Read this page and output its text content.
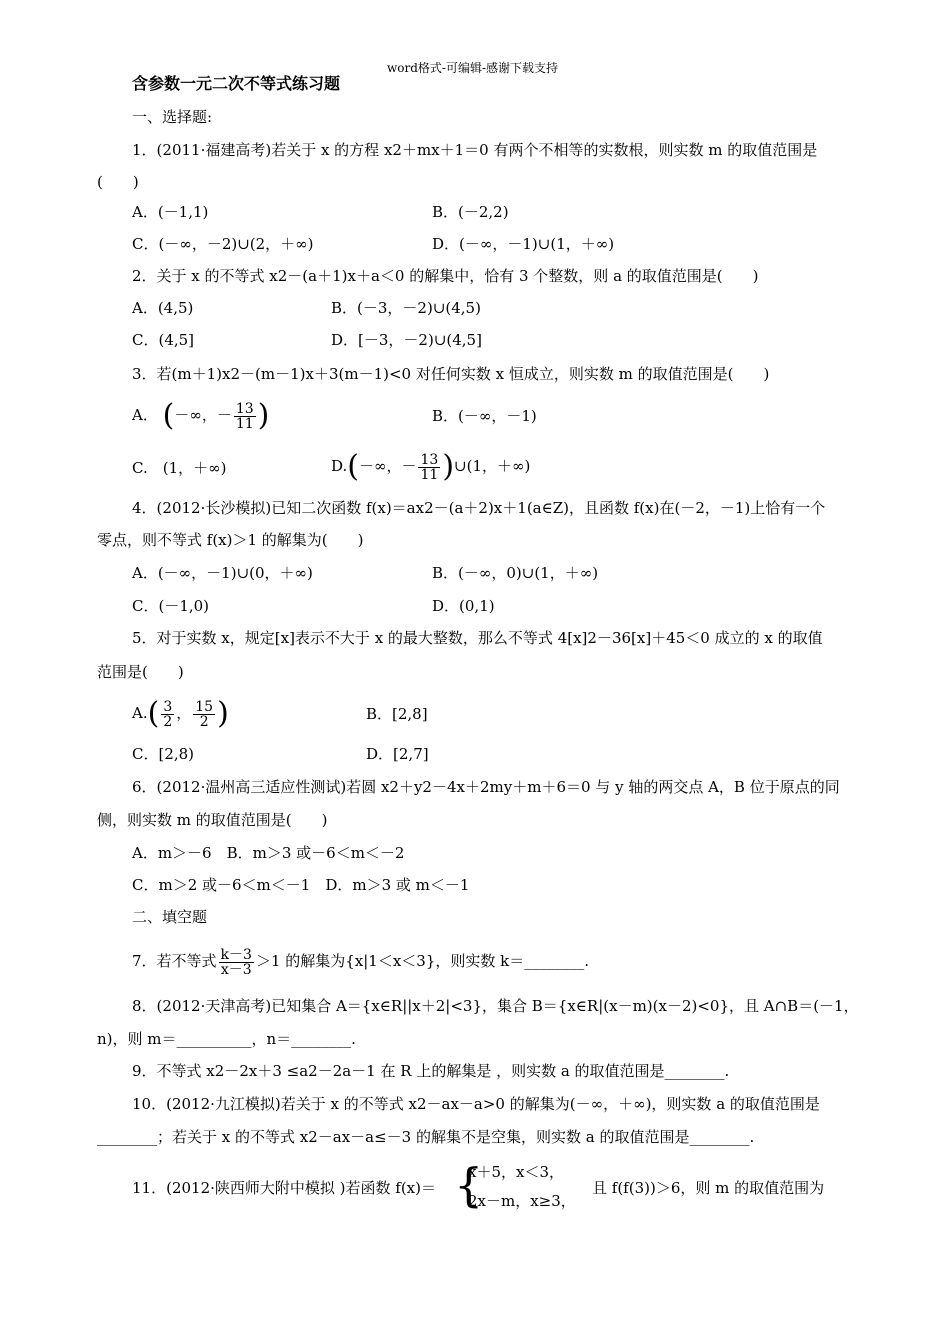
word格式-可编辑-感谢下载支持
含参数一元二次不等式练习题
一、选择题:
1．(2011·福建高考)若关于 x 的方程 x2＋mx＋1＝0 有两个不相等的实数根，则实数 m 的取值范围是
(　　)
A．(－1,1)	B．(－2,2)
C．(－∞，－2)∪(2，＋∞)	D．(－∞，－1)∪(1，＋∞)
2．关于 x 的不等式 x2－(a＋1)x＋a＜0 的解集中，恰有 3 个整数，则 a 的取值范围是(　　)
A．(4,5)	B．(－3，－2)∪(4,5)
C．(4,5]	D．[－3，－2)∪(4,5]
3．若(m＋1)x2－(m－1)x＋3(m－1)<0 对任何实数 x 恒成立，则实数 m 的取值范围是(　　)
A． (－∞，－ $\frac{13}{11}$ )	B．(－∞，－1)
C.　(1，＋∞)	D.(－∞，－ $\frac{13}{11}$ )∪(1，＋∞)
4．(2012·长沙模拟)已知二次函数 f(x)＝ax2－(a＋2)x＋1(a∈Z)，且函数 f(x)在(－2，－1)上恰有一个
零点，则不等式 f(x)＞1 的解集为(　　)
A．(－∞，－1)∪(0，＋∞)	B．(－∞，0)∪(1，＋∞)
C．(－1,0)	D．(0,1)
5．对于实数 x，规定[x]表示不大于 x 的最大整数，那么不等式 4[x]2－36[x]＋45＜0 成立的 x 的取值
范围是(　　)
$A.( \frac{3}{2}$ ， $\frac{15}{2}$ )	B．[2,8]
C．[2,8)	D．[2,7]
6．(2012·温州高三适应性测试)若圆 x2＋y2－4x＋2my＋m＋6＝0 与 y 轴的两交点 A，B 位于原点的同
侧，则实数 m 的取值范围是(　　)
A．m＞－6　B．m＞3 或－6＜m＜－2
C．m＞2 或－6＜m＜－1　D．m＞3 或 m＜－1
二、填空题
7．若不等式 $\frac{k-3}{x-3} >1$ 的解集为{x|1＜x＜3}，则实数 k＝________.
8．(2012·天津高考)已知集合 A＝{x∈R||x＋2|<3}，集合 B＝{x∈R|(x－m)(x－2)<0}，且 A∩B＝(－1，
n)，则 m＝__________，n＝________.
9．不等式 x2－2x＋3 ≤a2－2a－1 在 R 上的解集是 ，则实数 a 的取值范围是________.
10．(2012·九江模拟)若关于 x 的不等式 x2－ax－a>0 的解集为(－∞，＋∞)，则实数 a 的取值范围是
________；若关于 x 的不等式 x2－ax－a≤－3 的解集不是空集，则实数 a 的取值范围是________.
11．(2012·陕西师大附中模拟 )若函数 f(x)＝ {
x＋5，x＜3，
2x－m，x≥3，
且 f(f(3))＞6，则 m 的取值范围为
